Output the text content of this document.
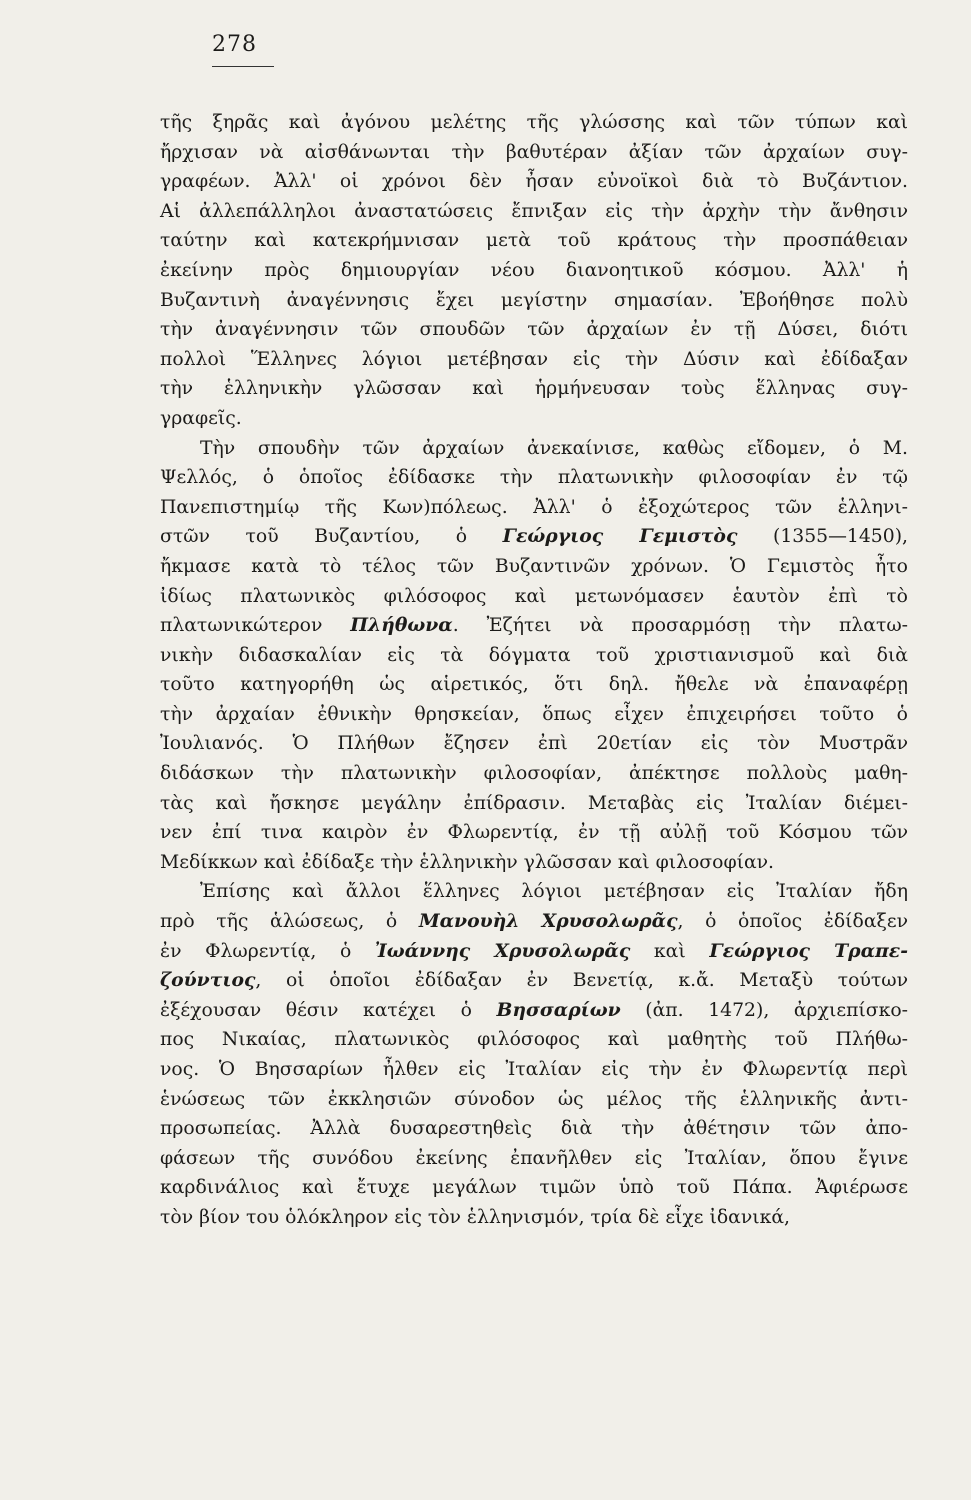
278
τῆς ξηρᾶς καὶ ἀγόνου μελέτης τῆς γλώσσης καὶ τῶν τύπων καὶ
ἤρχισαν νὰ αἰσθάνωνται τὴν βαθυτέραν ἀξίαν τῶν ἀρχαίων συγ-
γραφέων. Ἀλλ' οἱ χρόνοι δὲν ἦσαν εὐνοϊκοὶ διὰ τὸ Βυζάντιον.
Αἱ ἀλλεπάλληλοι ἀναστατώσεις ἔπνιξαν εἰς τὴν ἀρχὴν τὴν ἄνθησιν
ταύτην καὶ κατεκρήμνισαν μετὰ τοῦ κράτους τὴν προσπάθειαν
ἐκείνην πρὸς δημιουργίαν νέου διανοητικοῦ κόσμου. Ἀλλ' ἡ
Βυζαντινὴ ἀναγέννησις ἔχει μεγίστην σημασίαν. Ἐβοήθησε πολὺ
τὴν ἀναγέννησιν τῶν σπουδῶν τῶν ἀρχαίων ἐν τῇ Δύσει, διότι
πολλοὶ Ἕλληνες λόγιοι μετέβησαν εἰς τὴν Δύσιν καὶ ἐδίδαξαν
τὴν ἑλληνικὴν γλῶσσαν καὶ ἡρμήνευσαν τοὺς ἕλληνας συγ-
γραφεῖς.
Τὴν σπουδὴν τῶν ἀρχαίων ἀνεκαίνισε, καθὼς εἴδομεν, ὁ Μ.
Ψελλός, ὁ ὁποῖος ἐδίδασκε τὴν πλατωνικὴν φιλοσοφίαν ἐν τῷ
Πανεπιστημίῳ τῆς Κων)πόλεως. Ἀλλ' ὁ ἐξοχώτερος τῶν ἑλληνι-
στῶν τοῦ Βυζαντίου, ὁ Γεώργιος Γεμιστὸς (1355—1450),
ἤκμασε κατὰ τὸ τέλος τῶν Βυζαντινῶν χρόνων. Ὁ Γεμιστὸς ἦτο
ἰδίως πλατωνικὸς φιλόσοφος καὶ μετωνόμασεν ἑαυτὸν ἐπὶ τὸ
πλατωνικώτερον Πλήθωνα. Ἐζήτει νὰ προσαρμόσῃ τὴν πλατω-
νικὴν διδασκαλίαν εἰς τὰ δόγματα τοῦ χριστιανισμοῦ καὶ διὰ
τοῦτο κατηγορήθη ὡς αἱρετικός, ὅτι δηλ. ἤθελε νὰ ἐπαναφέρῃ
τὴν ἀρχαίαν ἐθνικὴν θρησκείαν, ὅπως εἶχεν ἐπιχειρήσει τοῦτο ὁ
Ἰουλιανός. Ὁ Πλήθων ἔζησεν ἐπὶ 20ετίαν εἰς τὸν Μυστρᾶν
διδάσκων τὴν πλατωνικὴν φιλοσοφίαν, ἀπέκτησε πολλοὺς μαθη-
τὰς καὶ ἤσκησε μεγάλην ἐπίδρασιν. Μεταβὰς εἰς Ἰταλίαν διέμει-
νεν ἐπί τινα καιρὸν ἐν Φλωρεντίᾳ, ἐν τῇ αὐλῇ τοῦ Κόσμου τῶν
Μεδίκκων καὶ ἐδίδαξε τὴν ἑλληνικὴν γλῶσσαν καὶ φιλοσοφίαν.
Ἐπίσης καὶ ἄλλοι ἕλληνες λόγιοι μετέβησαν εἰς Ἰταλίαν ἤδη
πρὸ τῆς ἁλώσεως, ὁ Μανουὴλ Χρυσολωρᾶς, ὁ ὁποῖος ἐδίδαξεν
ἐν Φλωρεντίᾳ, ὁ Ἰωάννης Χρυσολωρᾶς καὶ Γεώργιος Τραπε-
ζούντιος, οἱ ὁποῖοι ἐδίδαξαν ἐν Βενετίᾳ, κ.ἄ. Μεταξὺ τούτων
ἐξέχουσαν θέσιν κατέχει ὁ Βησσαρίων (ἀπ. 1472), ἀρχιεπίσκο-
πος Νικαίας, πλατωνικὸς φιλόσοφος καὶ μαθητὴς τοῦ Πλήθω-
νος. Ὁ Βησσαρίων ἦλθεν εἰς Ἰταλίαν εἰς τὴν ἐν Φλωρεντίᾳ περὶ
ἑνώσεως τῶν ἐκκλησιῶν σύνοδον ὡς μέλος τῆς ἑλληνικῆς ἀντι-
προσωπείας. Ἀλλὰ δυσαρεστηθεὶς διὰ τὴν ἀθέτησιν τῶν ἀπο-
φάσεων τῆς συνόδου ἐκείνης ἐπανῆλθεν εἰς Ἰταλίαν, ὅπου ἔγινε
καρδινάλιος καὶ ἔτυχε μεγάλων τιμῶν ὑπὸ τοῦ Πάπα. Ἀφιέρωσε
τὸν βίον του ὁλόκληρον εἰς τὸν ἑλληνισμόν, τρία δὲ εἶχε ἰδανικά,
